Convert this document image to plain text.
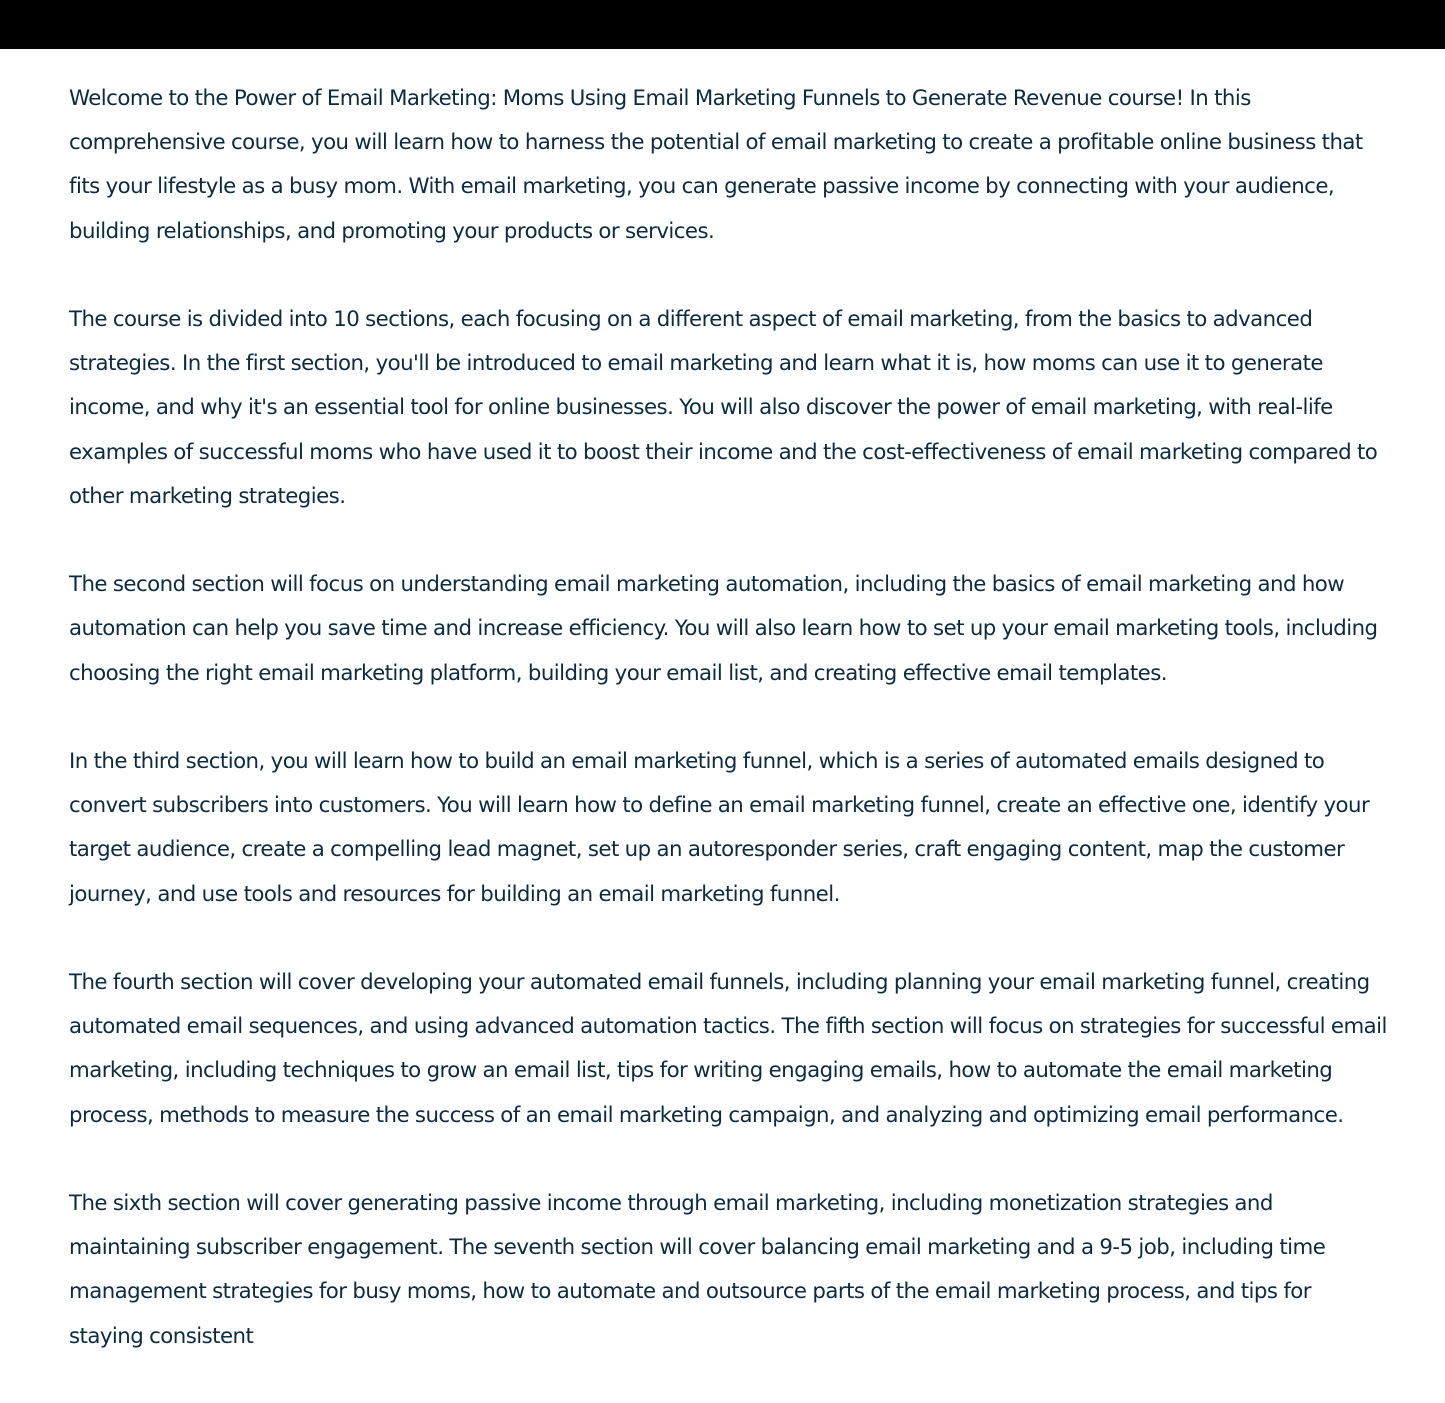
Welcome to the Power of Email Marketing: Moms Using Email Marketing Funnels to Generate Revenue course! In this comprehensive course, you will learn how to harness the potential of email marketing to create a profitable online business that fits your lifestyle as a busy mom. With email marketing, you can generate passive income by connecting with your audience, building relationships, and promoting your products or services.

The course is divided into 10 sections, each focusing on a different aspect of email marketing, from the basics to advanced strategies. In the first section, you'll be introduced to email marketing and learn what it is, how moms can use it to generate income, and why it's an essential tool for online businesses. You will also discover the power of email marketing, with real-life examples of successful moms who have used it to boost their income and the cost-effectiveness of email marketing compared to other marketing strategies.

The second section will focus on understanding email marketing automation, including the basics of email marketing and how automation can help you save time and increase efficiency. You will also learn how to set up your email marketing tools, including choosing the right email marketing platform, building your email list, and creating effective email templates.

In the third section, you will learn how to build an email marketing funnel, which is a series of automated emails designed to convert subscribers into customers. You will learn how to define an email marketing funnel, create an effective one, identify your target audience, create a compelling lead magnet, set up an autoresponder series, craft engaging content, map the customer journey, and use tools and resources for building an email marketing funnel.

The fourth section will cover developing your automated email funnels, including planning your email marketing funnel, creating automated email sequences, and using advanced automation tactics. The fifth section will focus on strategies for successful email marketing, including techniques to grow an email list, tips for writing engaging emails, how to automate the email marketing process, methods to measure the success of an email marketing campaign, and analyzing and optimizing email performance.

The sixth section will cover generating passive income through email marketing, including monetization strategies and maintaining subscriber engagement. The seventh section will cover balancing email marketing and a 9-5 job, including time management strategies for busy moms, how to automate and outsource parts of the email marketing process, and tips for staying consistent
